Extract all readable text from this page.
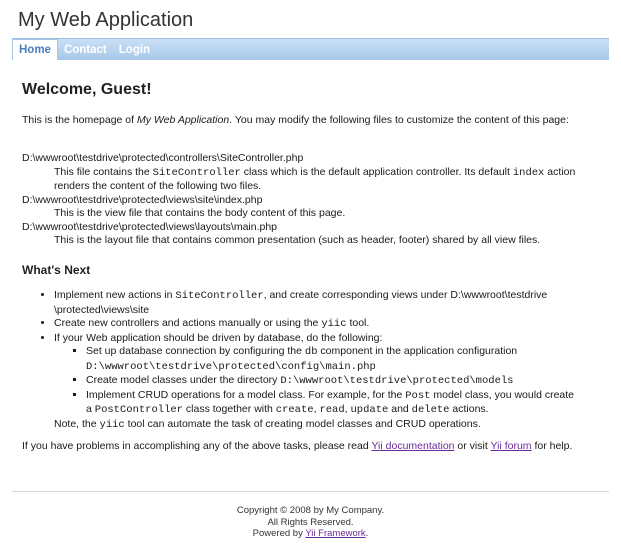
My Web Application
Home Contact Login
Welcome, Guest!

This is the homepage of My Web Application. You may modify the following files to customize the content of this page:

D:\wwwroot\testdrive\protected\controllers\SiteController.php
This file contains the SiteController class which is the default application controller. Its default index action renders the content of the following two files.
D:\wwwroot\testdrive\protected\views\site\index.php
This is the view file that contains the body content of this page.
D:\wwwroot\testdrive\protected\views\layouts\main.php
This is the layout file that contains common presentation (such as header, footer) shared by all view files.
What's Next
• Implement new actions in SiteController, and create corresponding views under D:\wwwroot\testdrive \protected\views\site
• Create new controllers and actions manually or using the yiic tool.
• If your Web application should be driven by database, do the following:
▪ Set up database connection by configuring the db component in the application configuration D:\wwwroot\testdrive\protected\config\main.php
▪ Create model classes under the directory D:\wwwroot\testdrive\protected\models
▪ Implement CRUD operations for a model class. For example, for the Post model class, you would create a PostController class together with create, read, update and delete actions.

Note, the yiic tool can automate the task of creating model classes and CRUD operations.

If you have problems in accomplishing any of the above tasks, please read Yii documentation or visit Yii forum for help.

Copyright © 2008 by My Company.
All Rights Reserved.
Powered by Yii Framework.
